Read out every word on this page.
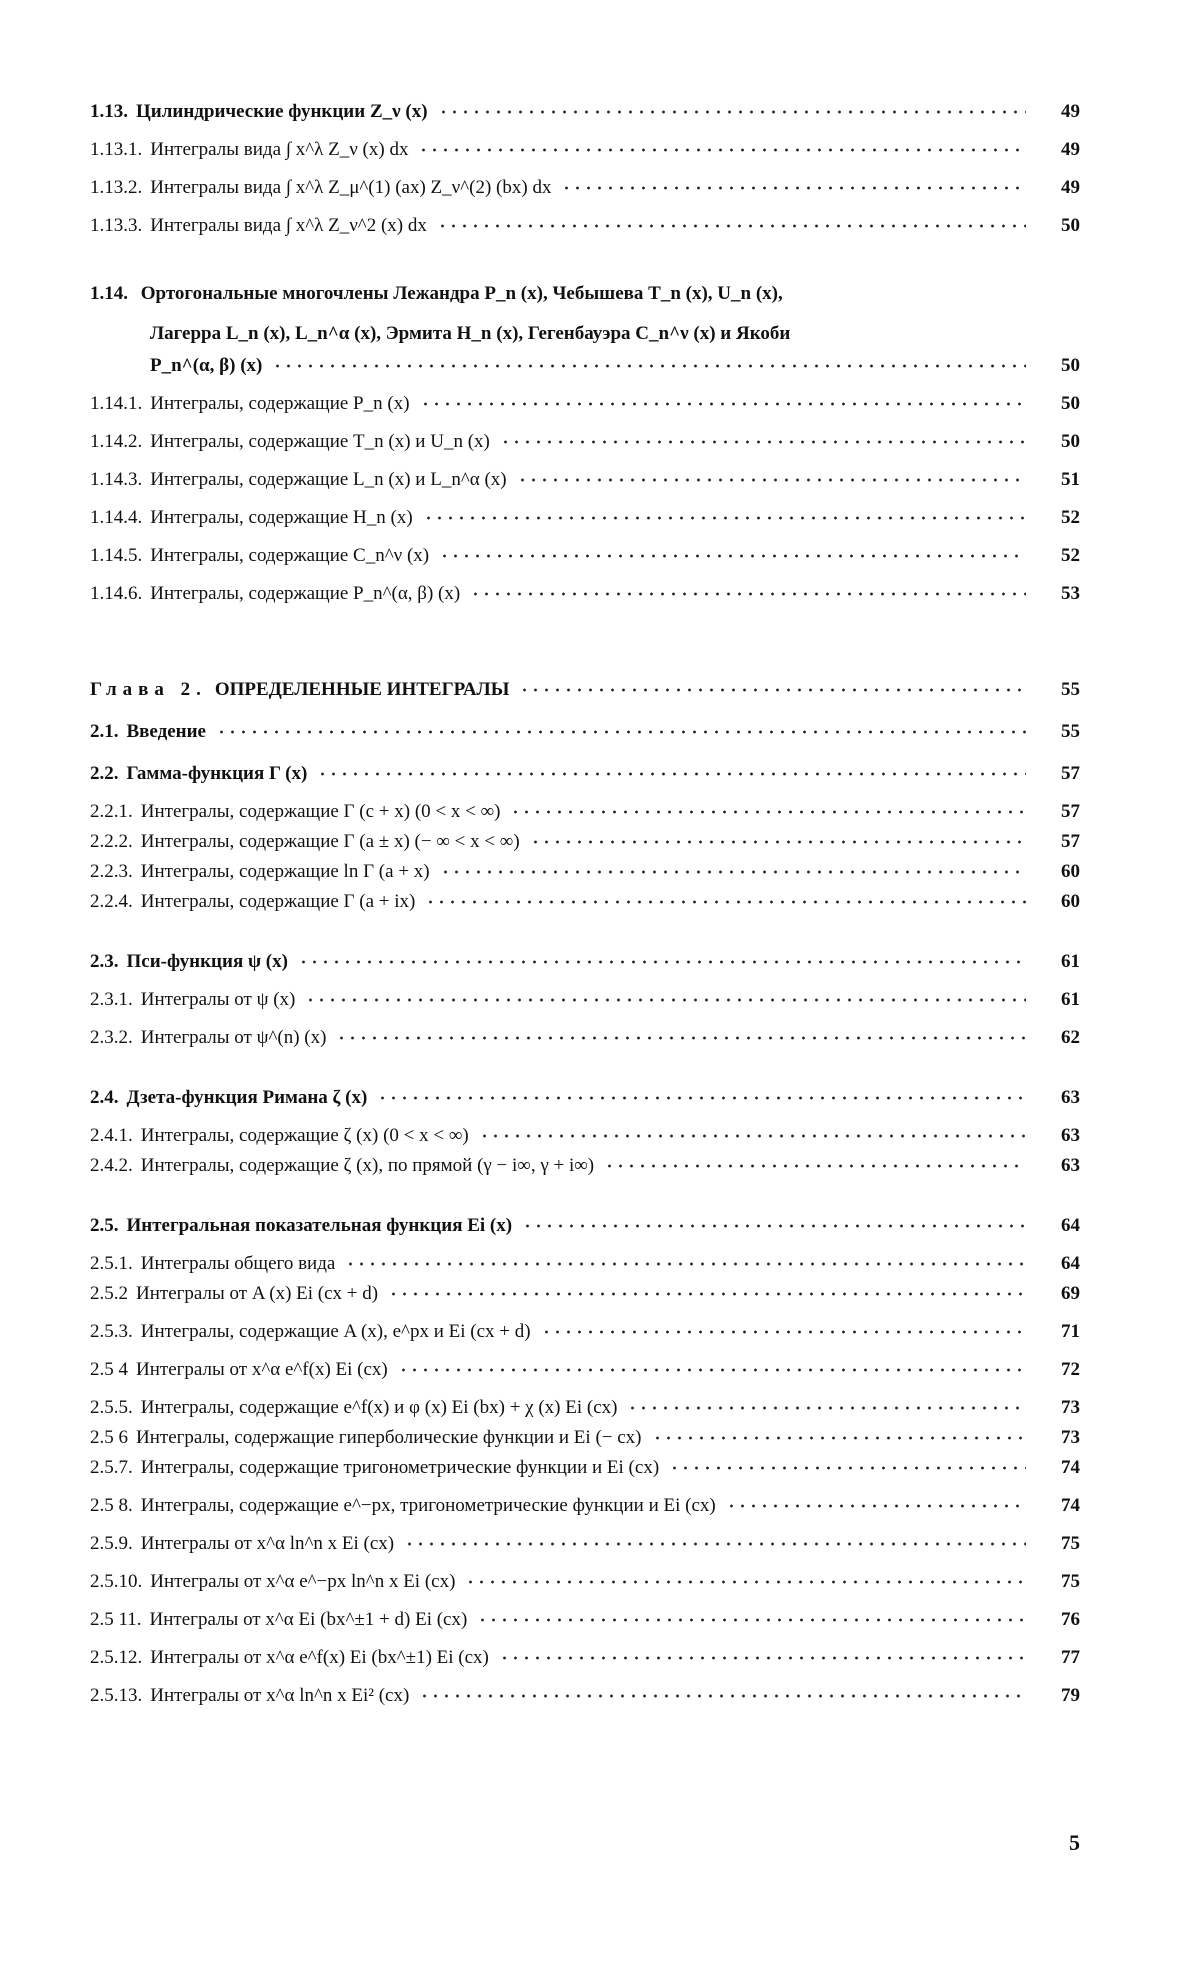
1.13. Цилиндрические функции Z_ν (x)	49
1.13.1. Интегралы вида ∫ x^λ Z_ν (x) dx	49
1.13.2. Интегралы вида ∫ x^λ Z_μ^(1) (ax) Z_ν^(2) (bx) dx	49
1.13.3. Интегралы вида ∫ x^λ Z_ν^2 (x) dx	50
1.14. Ортогональные многочлены Лежандра P_n (x), Чебышева T_n (x), U_n (x),
Лагерра L_n (x), L_n^α (x), Эрмита H_n (x), Гегенбауэра C_n^ν (x) и Якоби
P_n^(α, β) (x)	50
1.14.1. Интегралы, содержащие P_n (x)	50
1.14.2. Интегралы, содержащие T_n (x) и U_n (x)	50
1.14.3. Интегралы, содержащие L_n (x) и L_n^α (x)	51
1.14.4. Интегралы, содержащие H_n (x)	52
1.14.5. Интегралы, содержащие C_n^ν (x)	52
1.14.6. Интегралы, содержащие P_n^(α, β) (x)	53
Глава 2. ОПРЕДЕЛЕННЫЕ ИНТЕГРАЛЫ	55
2.1. Введение	55
2.2. Гамма-функция Γ (x)	57
2.2.1. Интегралы, содержащие Γ (c + x) (0 < x < ∞)	57
2.2.2. Интегралы, содержащие Γ (a ± x) (− ∞ < x < ∞)	57
2.2.3. Интегралы, содержащие ln Γ (a + x)	60
2.2.4. Интегралы, содержащие Γ (a + ix)	60
2.3. Пси-функция ψ (x)	61
2.3.1. Интегралы от ψ (x)	61
2.3.2. Интегралы от ψ^(n) (x)	62
2.4. Дзета-функция Римана ζ (x)	63
2.4.1. Интегралы, содержащие ζ (x) (0 < x < ∞)	63
2.4.2. Интегралы, содержащие ζ (x), по прямой (γ − i∞, γ + i∞)	63
2.5. Интегральная показательная функция Ei (x)	64
2.5.1. Интегралы общего вида	64
2.5.2 Интегралы от A (x) Ei (cx + d)	69
2.5.3. Интегралы, содержащие A (x), e^px и Ei (cx + d)	71
2.5 4 Интегралы от x^α e^f(x) Ei (cx)	72
2.5.5. Интегралы, содержащие e^f(x) и φ (x) Ei (bx) + χ (x) Ei (cx)	73
2.5 6 Интегралы, содержащие гиперболические функции и Ei (− cx)	73
2.5.7. Интегралы, содержащие тригонометрические функции и Ei (cx)	74
2.5 8. Интегралы, содержащие e^−px, тригонометрические функции и Ei (cx)	74
2.5.9. Интегралы от x^α ln^n x Ei (cx)	75
2.5.10. Интегралы от x^α e^−px ln^n x Ei (cx)	75
2.5 11. Интегралы от x^α Ei (bx^±1 + d) Ei (cx)	76
2.5.12. Интегралы от x^α e^f(x) Ei (bx^±1) Ei (cx)	77
2.5.13. Интегралы от x^α ln^n x Ei² (cx)	79
5
